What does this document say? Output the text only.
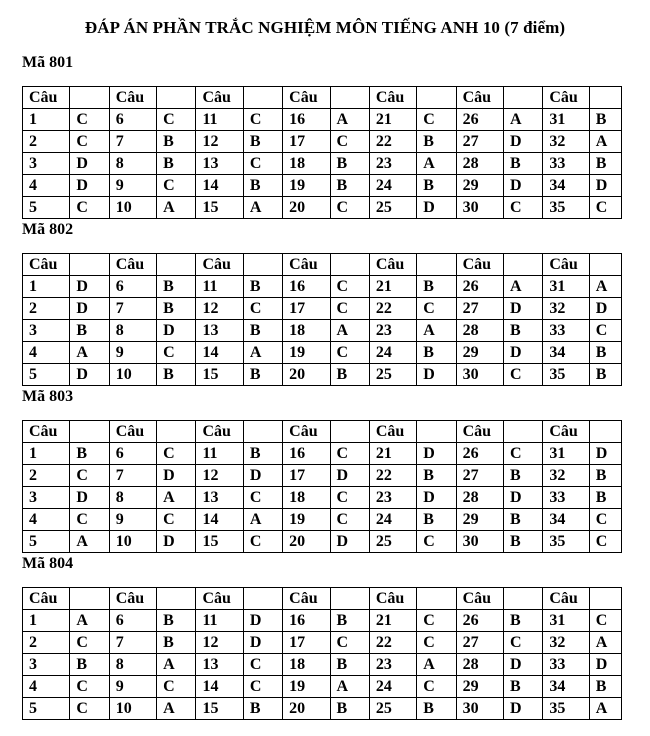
ĐÁP ÁN PHẦN TRẮC NGHIỆM MÔN TIẾNG ANH 10 (7 điểm)
Mã 801
Câu		Câu		Câu		Câu		Câu		Câu		Câu	
1	C	6	C	11	C	16	A	21	C	26	A	31	B
2	C	7	B	12	B	17	C	22	B	27	D	32	A
3	D	8	B	13	C	18	B	23	A	28	B	33	B
4	D	9	C	14	B	19	B	24	B	29	D	34	D
5	C	10	A	15	A	20	C	25	D	30	C	35	C
Mã 802
Câu		Câu		Câu		Câu		Câu		Câu		Câu	
1	D	6	B	11	B	16	C	21	B	26	A	31	A
2	D	7	B	12	C	17	C	22	C	27	D	32	D
3	B	8	D	13	B	18	A	23	A	28	B	33	C
4	A	9	C	14	A	19	C	24	B	29	D	34	B
5	D	10	B	15	B	20	B	25	D	30	C	35	B
Mã 803
Câu		Câu		Câu		Câu		Câu		Câu		Câu	
1	B	6	C	11	B	16	C	21	D	26	C	31	D
2	C	7	D	12	D	17	D	22	B	27	B	32	B
3	D	8	A	13	C	18	C	23	D	28	D	33	B
4	C	9	C	14	A	19	C	24	B	29	B	34	C
5	A	10	D	15	C	20	D	25	C	30	B	35	C
Mã 804
Câu		Câu		Câu		Câu		Câu		Câu		Câu	
1	A	6	B	11	D	16	B	21	C	26	B	31	C
2	C	7	B	12	D	17	C	22	C	27	C	32	A
3	B	8	A	13	C	18	B	23	A	28	D	33	D
4	C	9	C	14	C	19	A	24	C	29	B	34	B
5	C	10	A	15	B	20	B	25	B	30	D	35	A
